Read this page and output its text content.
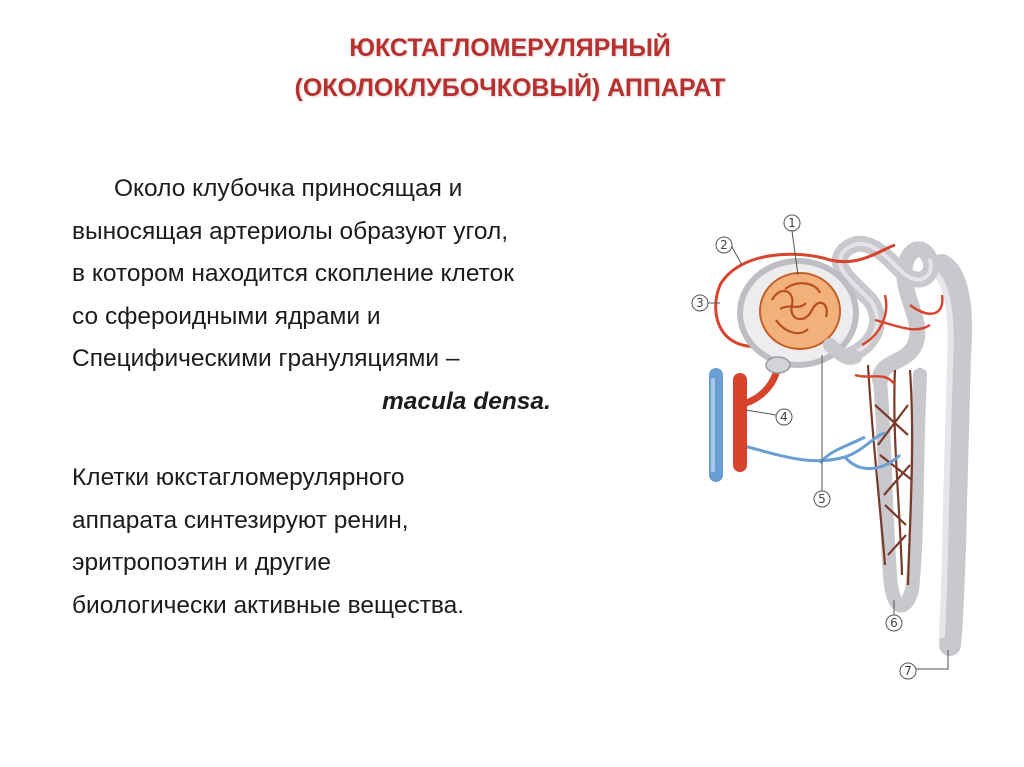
ЮКСТАГЛОМЕРУЛЯРНЫЙ
(ОКОЛОКЛУБОЧКОВЫЙ) АППАРАТ
Около клубочка приносящая и
выносящая артериолы образуют угол,
в котором находится скопление клеток
со сфероидными ядрами и
Специфическими грануляциями –
macula densa.
Клетки юкстагломерулярного
аппарата синтезируют ренин,
эритропоэтин и другие
биологически активные вещества.
1
2
3
4
5
6
7
